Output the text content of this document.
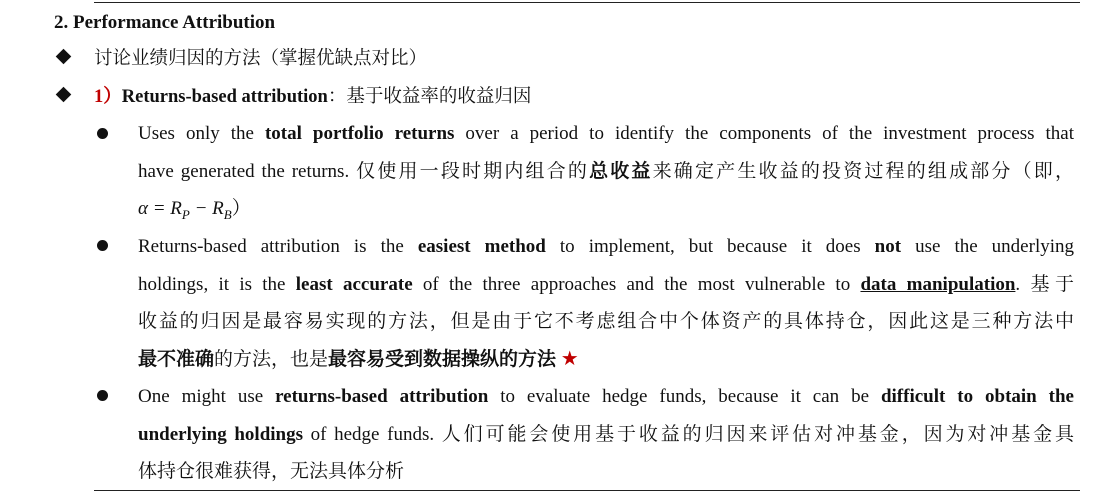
2. Performance Attribution
讨论业绩归因的方法（掌握优缺点对比）
1）Returns-based attribution：基于收益率的收益归因
Uses only the total portfolio returns over a period to identify the components of the investment process that
have generated the returns. 仅使用一段时期内组合的总收益来确定产生收益的投资过程的组成部分（即，
$\alpha = R_P - R_B$）
Returns-based attribution is the easiest method to implement, but because it does not use the underlying
holdings, it is the least accurate of the three approaches and the most vulnerable to data manipulation. 基于
收益的归因是最容易实现的方法，但是由于它不考虑组合中个体资产的具体持仓，因此这是三种方法中
最不准确的方法，也是最容易受到数据操纵的方法 ★
One might use returns-based attribution to evaluate hedge funds, because it can be difficult to obtain the
underlying holdings of hedge funds. 人们可能会使用基于收益的归因来评估对冲基金，因为对冲基金具
体持仓很难获得，无法具体分析
